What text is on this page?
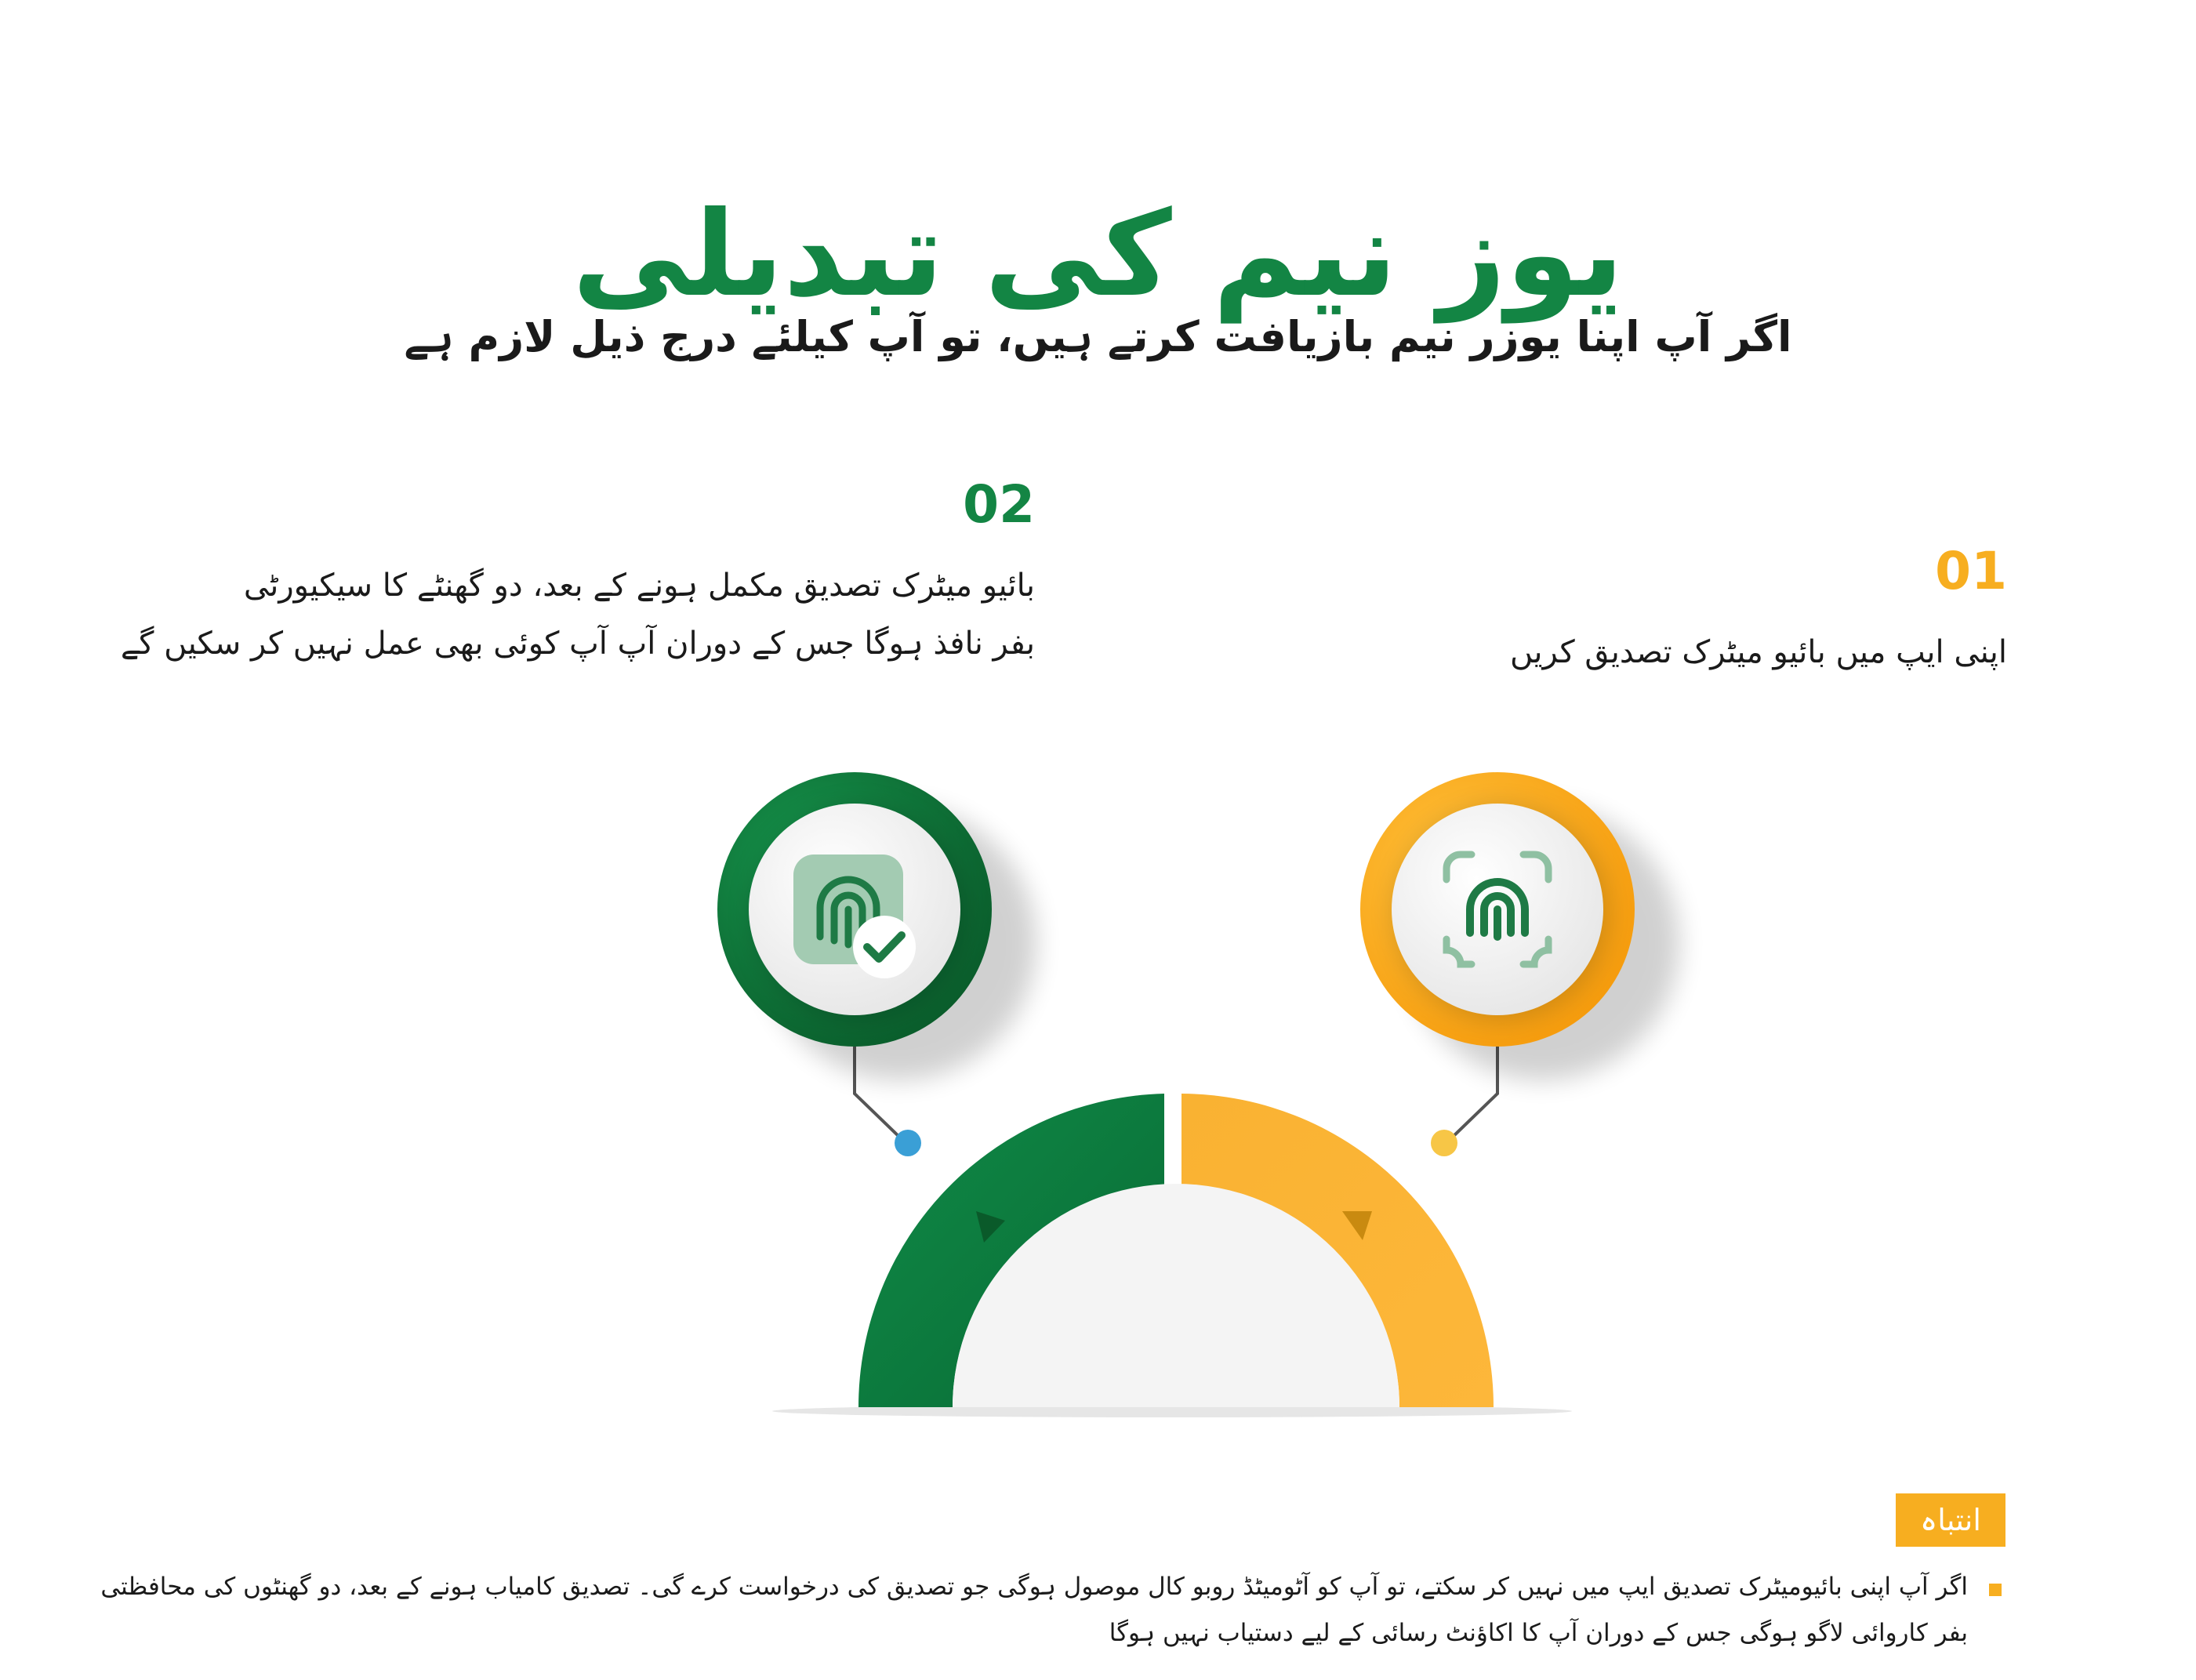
یوز نیم کی تبدیلی
اگر آپ اپنا یوزر نیم بازیافت کرتے ہیں، تو آپ کیلئے درج ذیل لازم ہے
02
بائیو میٹرک تصدیق مکمل ہونے کے بعد، دو گھنٹے کا سیکیورٹی
بفر نافذ ہوگا جس کے دوران آپ آپ کوئی بھی عمل نہیں کر سکیں گے
01
اپنی ایپ میں بائیو میٹرک تصدیق کریں
انتباہ
اگر آپ اپنی بائیومیٹرک تصدیق ایپ میں نہیں کر سکتے، تو آپ کو آٹومیٹڈ روبو کال موصول ہوگی جو تصدیق کی درخواست کرے گی۔ تصدیق کامیاب ہونے کے بعد، دو گھنٹوں کی محافظتی بفر کاروائی لاگو ہوگی جس کے دوران آپ کا اکاؤنٹ رسائی کے لیے دستیاب نہیں ہوگا
